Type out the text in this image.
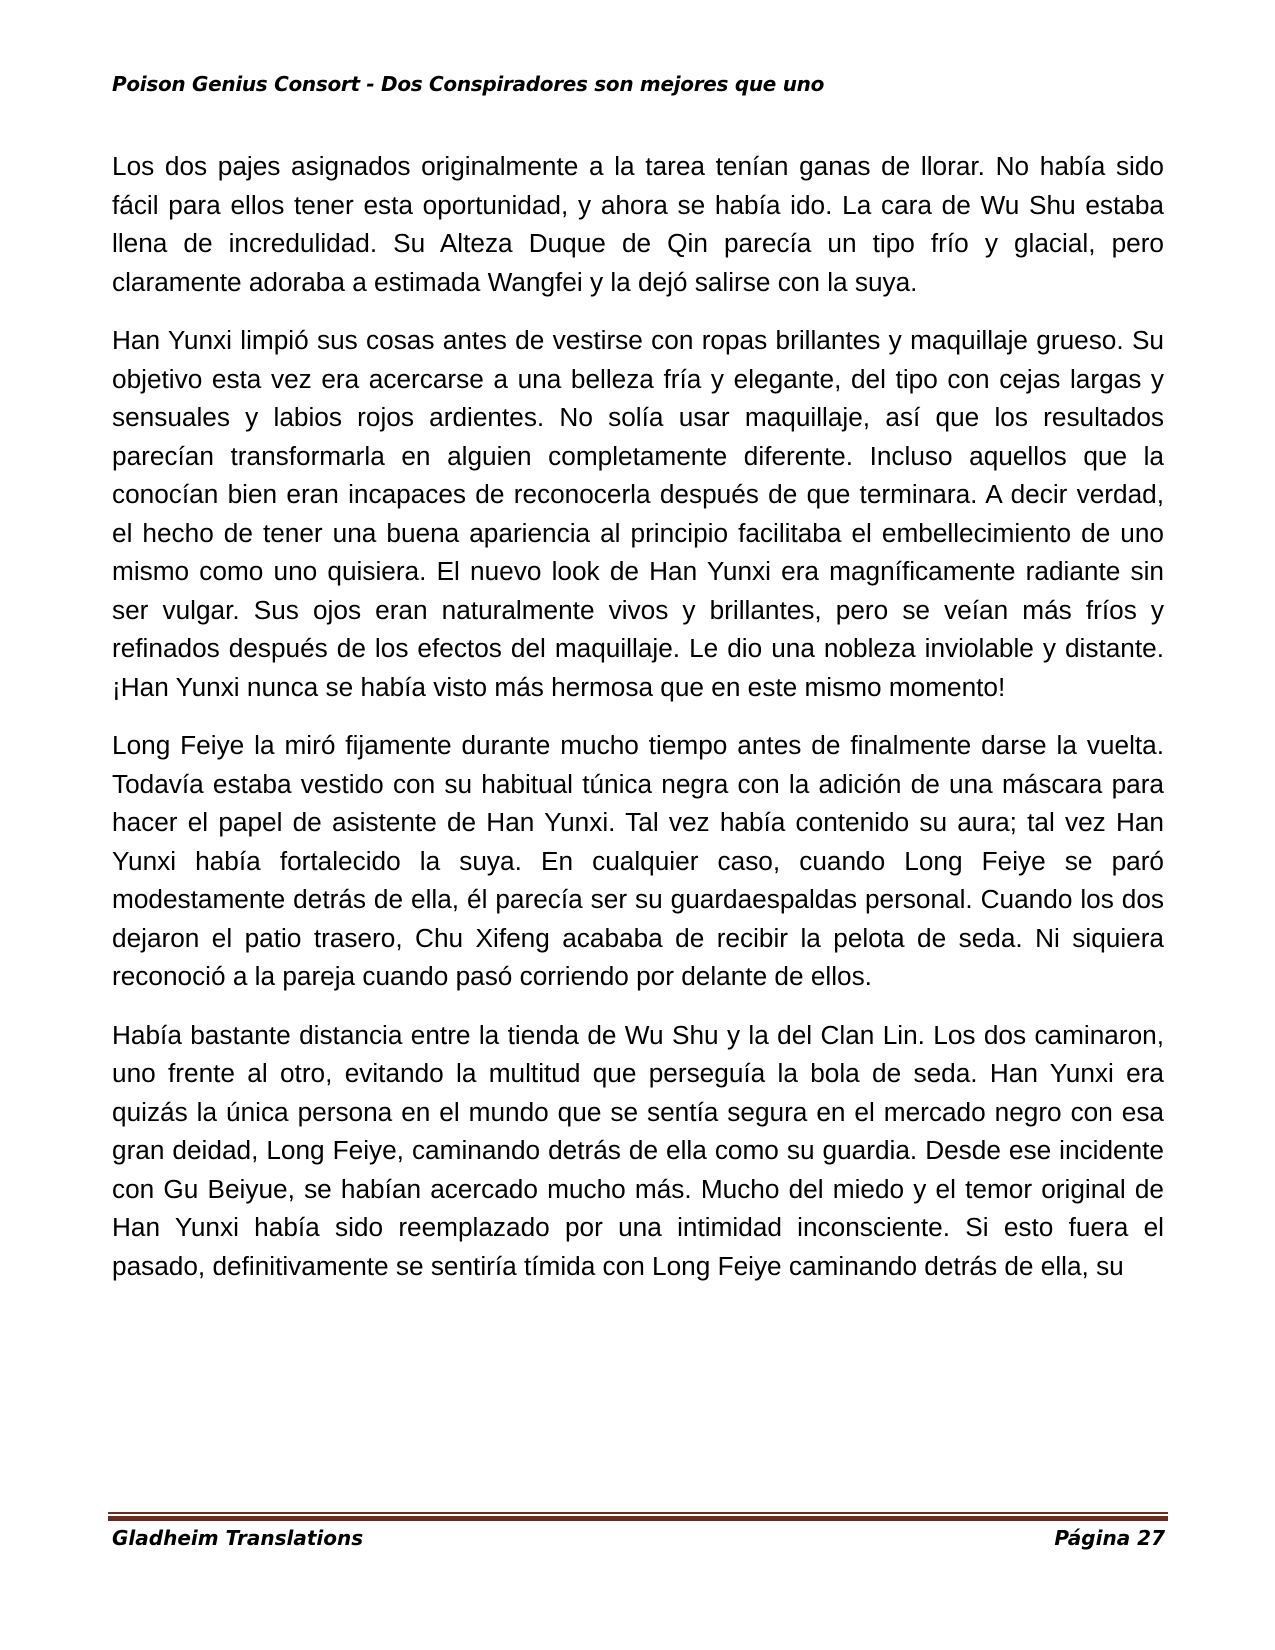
Poison Genius Consort - Dos Conspiradores son mejores que uno

Los dos pajes asignados originalmente a la tarea tenían ganas de llorar. No había sido fácil para ellos tener esta oportunidad, y ahora se había ido. La cara de Wu Shu estaba llena de incredulidad. Su Alteza Duque de Qin parecía un tipo frío y glacial, pero claramente adoraba a estimada Wangfei y la dejó salirse con la suya.

Han Yunxi limpió sus cosas antes de vestirse con ropas brillantes y maquillaje grueso. Su objetivo esta vez era acercarse a una belleza fría y elegante, del tipo con cejas largas y sensuales y labios rojos ardientes. No solía usar maquillaje, así que los resultados parecían transformarla en alguien completamente diferente. Incluso aquellos que la conocían bien eran incapaces de reconocerla después de que terminara. A decir verdad, el hecho de tener una buena apariencia al principio facilitaba el embellecimiento de uno mismo como uno quisiera. El nuevo look de Han Yunxi era magníficamente radiante sin ser vulgar. Sus ojos eran naturalmente vivos y brillantes, pero se veían más fríos y refinados después de los efectos del maquillaje. Le dio una nobleza inviolable y distante. ¡Han Yunxi nunca se había visto más hermosa que en este mismo momento!

Long Feiye la miró fijamente durante mucho tiempo antes de finalmente darse la vuelta. Todavía estaba vestido con su habitual túnica negra con la adición de una máscara para hacer el papel de asistente de Han Yunxi. Tal vez había contenido su aura; tal vez Han Yunxi había fortalecido la suya. En cualquier caso, cuando Long Feiye se paró modestamente detrás de ella, él parecía ser su guardaespaldas personal. Cuando los dos dejaron el patio trasero, Chu Xifeng acababa de recibir la pelota de seda. Ni siquiera reconoció a la pareja cuando pasó corriendo por delante de ellos.

Había bastante distancia entre la tienda de Wu Shu y la del Clan Lin. Los dos caminaron, uno frente al otro, evitando la multitud que perseguía la bola de seda. Han Yunxi era quizás la única persona en el mundo que se sentía segura en el mercado negro con esa gran deidad, Long Feiye, caminando detrás de ella como su guardia. Desde ese incidente con Gu Beiyue, se habían acercado mucho más. Mucho del miedo y el temor original de Han Yunxi había sido reemplazado por una intimidad inconsciente. Si esto fuera el pasado, definitivamente se sentiría tímida con Long Feiye caminando detrás de ella, su

Gladheim Translations	Página 27
